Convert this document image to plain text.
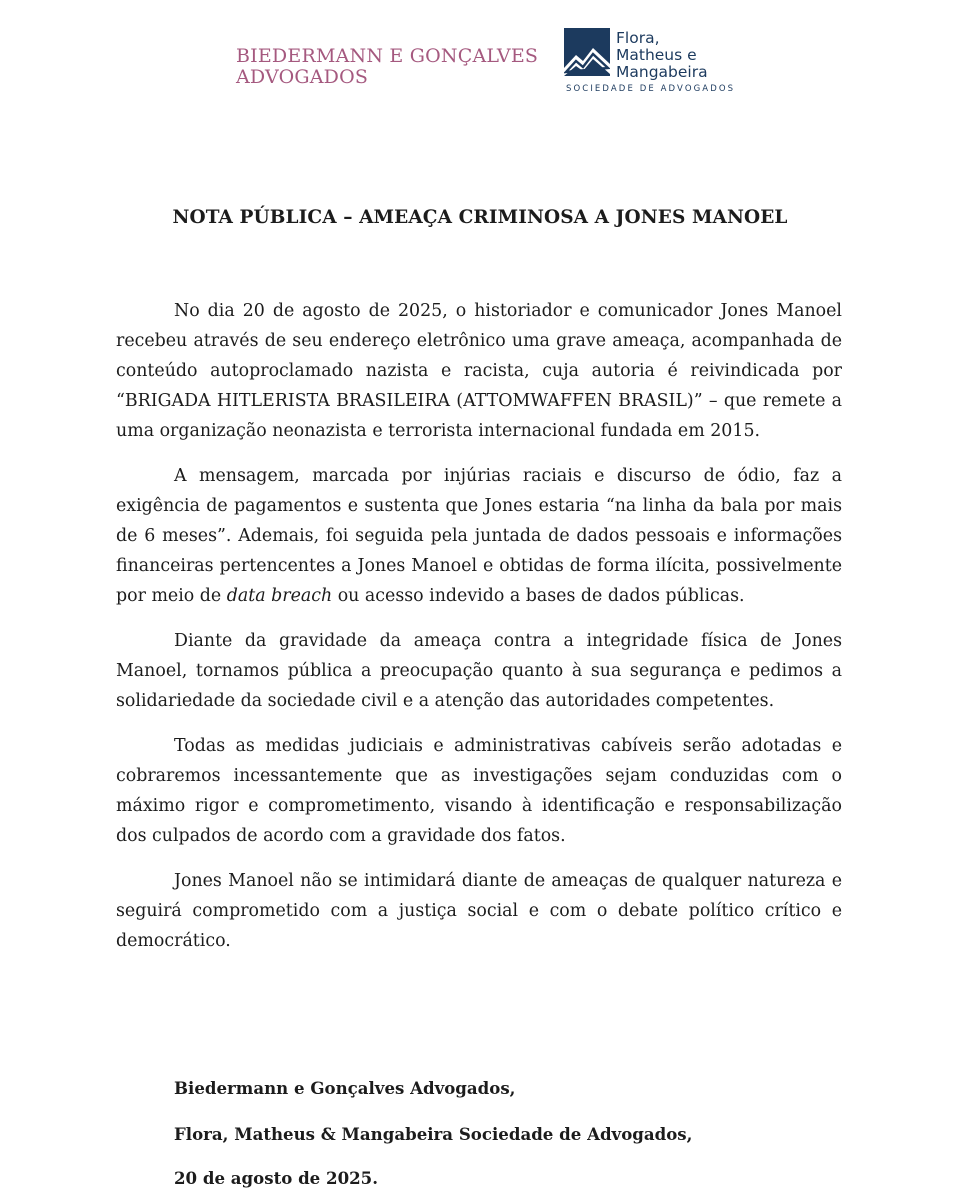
BIEDERMANN E GONÇALVES
ADVOGADOS
Flora,
Matheus e
Mangabeira
SOCIEDADE DE ADVOGADOS
NOTA PÚBLICA – AMEAÇA CRIMINOSA A JONES MANOEL

No dia 20 de agosto de 2025, o historiador e comunicador Jones Manoel recebeu através de seu endereço eletrônico uma grave ameaça, acompanhada de conteúdo autoproclamado nazista e racista, cuja autoria é reivindicada por “BRIGADA HITLERISTA BRASILEIRA (ATTOMWAFFEN BRASIL)” – que remete a uma organização neonazista e terrorista internacional fundada em 2015.

A mensagem, marcada por injúrias raciais e discurso de ódio, faz a exigência de pagamentos e sustenta que Jones estaria “na linha da bala por mais de 6 meses”. Ademais, foi seguida pela juntada de dados pessoais e informações financeiras pertencentes a Jones Manoel e obtidas de forma ilícita, possivelmente por meio de data breach ou acesso indevido a bases de dados públicas.

Diante da gravidade da ameaça contra a integridade física de Jones Manoel, tornamos pública a preocupação quanto à sua segurança e pedimos a solidariedade da sociedade civil e a atenção das autoridades competentes.

Todas as medidas judiciais e administrativas cabíveis serão adotadas e cobraremos incessantemente que as investigações sejam conduzidas com o máximo rigor e comprometimento, visando à identificação e responsabilização dos culpados de acordo com a gravidade dos fatos.

Jones Manoel não se intimidará diante de ameaças de qualquer natureza e seguirá comprometido com a justiça social e com o debate político crítico e democrático.

Biedermann e Gonçalves Advogados,
Flora, Matheus & Mangabeira Sociedade de Advogados,
20 de agosto de 2025.
